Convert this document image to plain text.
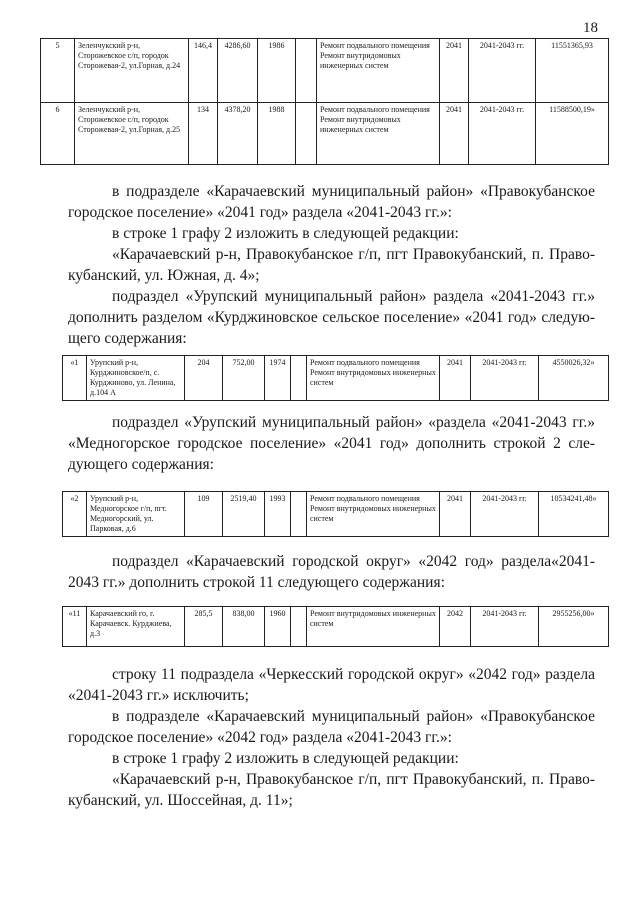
18
5	Зеленчукский р-н, Сторожевское с/п, городок Сторожевая-2, ул.Горная, д.24	146,4	4286,60	1986		Ремонт подвального помещения Ремонт внутридомовых инженерных систем	2041	2041-2043 гг.	11551365,93
6	Зеленчукский р-н, Сторожевское с/п, городок Сторожевая-2, ул.Горная, д.25	134	4378,20	1988		Ремонт подвального помещения Ремонт внутридомовых инженерных систем	2041	2041-2043 гг.	11588500,19»

в подразделе «Карачаевский муниципальный район» «Правокубанское

городское поселение» «2041 год» раздела «2041-2043 гг.»:

в строке 1 графу 2 изложить в следующей редакции:

«Карачаевский р-н, Правокубанское г/п, пгт Правокубанский, п. Право-

кубанский, ул. Южная, д. 4»;

подраздел «Урупский муниципальный район» раздела «2041-2043 гг.»

дополнить разделом «Курджиновское сельское поселение» «2041 год» следую-

щего содержания:

«1	Урупский р-н, Курджиновское/п, с. Курджиново, ул. Ленина, д.104 А	204	752,00	1974		Ремонт подвального помещения Ремонт внутридомовых инженерных систем	2041	2041-2043 гг.	4550026,32»

подраздел «Урупский муниципальный район» «раздела «2041-2043 гг.»

«Медногорское городское поселение» «2041 год» дополнить строкой 2 сле-

дующего содержания:

«2	Урупский р-н, Медногорское г/п, пгт. Медногорский, ул. Парковая, д.6	109	2519,40	1993		Ремонт подвального помещения Ремонт внутридомовых инженерных систем	2041	2041-2043 гг.	10534241,48»

подраздел «Карачаевский городской округ» «2042 год» раздела«2041-

2043 гг.» дополнить строкой 11 следующего содержания:

«11	Карачаевский го, г. Карачаевск. Курджиева, д.3	285,5	838,00	1960		Ремонт внутридомовых инженерных систем	2042	2041-2043 гг.	2955256,00»

строку 11 подраздела «Черкесский городской округ» «2042 год» раздела

«2041-2043 гг.» исключить;

в подразделе «Карачаевский муниципальный район» «Правокубанское

городское поселение» «2042 год» раздела «2041-2043 гг.»:

в строке 1 графу 2 изложить в следующей редакции:

«Карачаевский р-н, Правокубанское г/п, пгт Правокубанский, п. Право-

кубанский, ул. Шоссейная, д. 11»;
